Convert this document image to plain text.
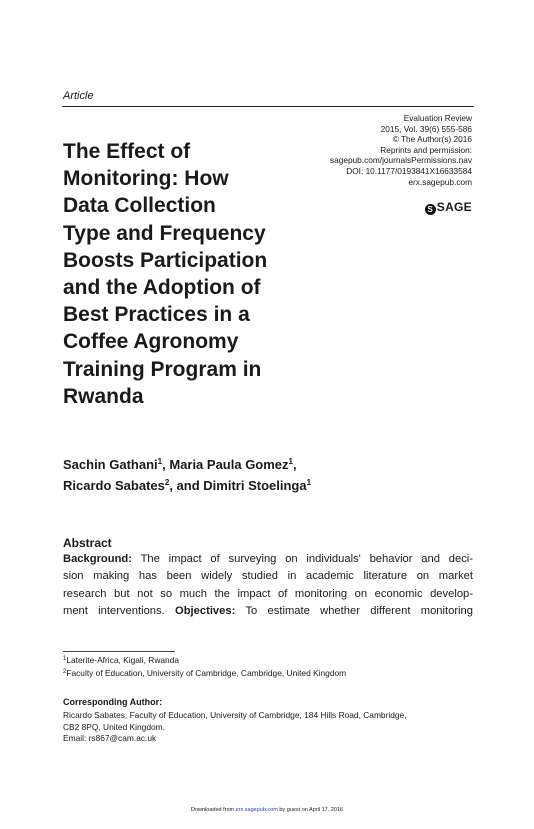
Article
Evaluation Review
2015, Vol. 39(6) 555-586
© The Author(s) 2016
Reprints and permission:
sagepub.com/journalsPermissions.nav
DOI: 10.1177/0193841X16633584
erx.sagepub.com
S SAGE
The Effect of
Monitoring: How
Data Collection
Type and Frequency
Boosts Participation
and the Adoption of
Best Practices in a
Coffee Agronomy
Training Program in
Rwanda
Sachin Gathani$^1$, Maria Paula Gomez$^1$,
Ricardo Sabates$^2$, and Dimitri Stoelinga$^1$
Abstract
Background: The impact of surveying on individuals' behavior and deci-
sion making has been widely studied in academic literature on market
research but not so much the impact of monitoring on economic develop-
ment interventions. Objectives: To estimate whether different monitoring
$^1$Laterite-Africa, Kigali, Rwanda
$^2$Faculty of Education, University of Cambridge, Cambridge, United Kingdom
Corresponding Author:
Ricardo Sabates, Faculty of Education, University of Cambridge, 184 Hills Road, Cambridge,
CB2 8PQ, United Kingdom.
Email: rs867@cam.ac.uk
Downloaded from erx.sagepub.com by guest on April 17, 2016
